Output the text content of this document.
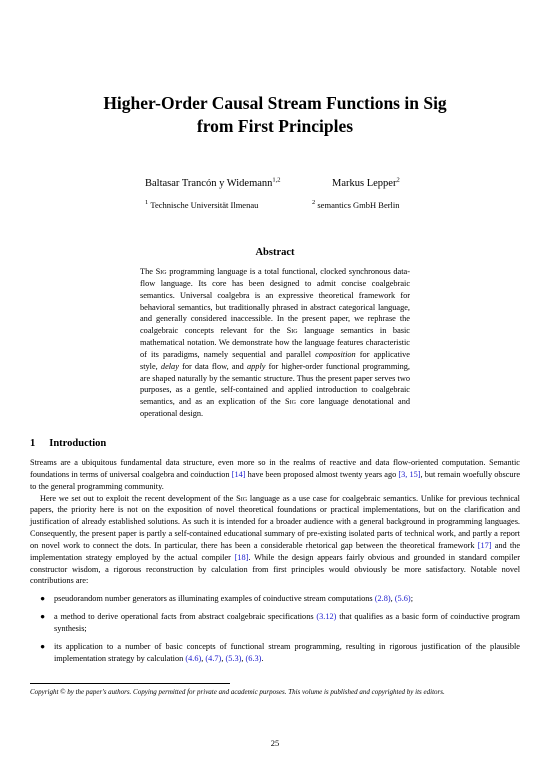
Higher-Order Causal Stream Functions in Sig
from First Principles
Baltasar Trancón y Widemann$^{1,2}$	Markus Lepper$^2$
$^1$ Technische Universität Ilmenau	$^2$ semantics GmbH Berlin
Abstract
The Sig programming language is a total functional, clocked synchronous data-flow language. Its core has been designed to admit concise coalgebraic semantics. Universal coalgebra is an expressive theoretical framework for behavioral semantics, but traditionally phrased in abstract categorical language, and generally considered inaccessible. In the present paper, we rephrase the coalgebraic concepts relevant for the Sig language semantics in basic mathematical notation. We demonstrate how the language features characteristic of its paradigms, namely sequential and parallel composition for applicative style, delay for data flow, and apply for higher-order functional programming, are shaped naturally by the semantic structure. Thus the present paper serves two purposes, as a gentle, self-contained and applied introduction to coalgebraic semantics, and as an explication of the Sig core language denotational and operational design.
1 Introduction

Streams are a ubiquitous fundamental data structure, even more so in the realms of reactive and data flow-oriented computation. Semantic foundations in terms of universal coalgebra and coinduction [14] have been proposed almost twenty years ago [3, 15], but remain woefully obscure to the general programming community.

Here we set out to exploit the recent development of the Sig language as a use case for coalgebraic semantics. Unlike for previous technical papers, the priority here is not on the exposition of novel theoretical foundations or practical implementations, but on the clarification and justification of already established solutions. As such it is intended for a broader audience with a general background in programming languages. Consequently, the present paper is partly a self-contained educational summary of pre-existing isolated parts of technical work, and partly a report on novel work to connect the dots. In particular, there has been a considerable rhetorical gap between the theoretical framework [17] and the implementation strategy employed by the actual compiler [18]. While the design appears fairly obvious and grounded in standard compiler constructor wisdom, a rigorous reconstruction by calculation from first principles would obviously be more satisfactory. Notable novel contributions are:

● pseudorandom number generators as illuminating examples of coinductive stream computations (2.8), (5.6);
● a method to derive operational facts from abstract coalgebraic specifications (3.12) that qualifies as a basic form of coinductive program synthesis;
● its application to a number of basic concepts of functional stream programming, resulting in rigorous justification of the plausible implementation strategy by calculation (4.6), (4.7), (5.3), (6.3).
Copyright © by the paper's authors. Copying permitted for private and academic purposes. This volume is published and copyrighted by its editors.
25
